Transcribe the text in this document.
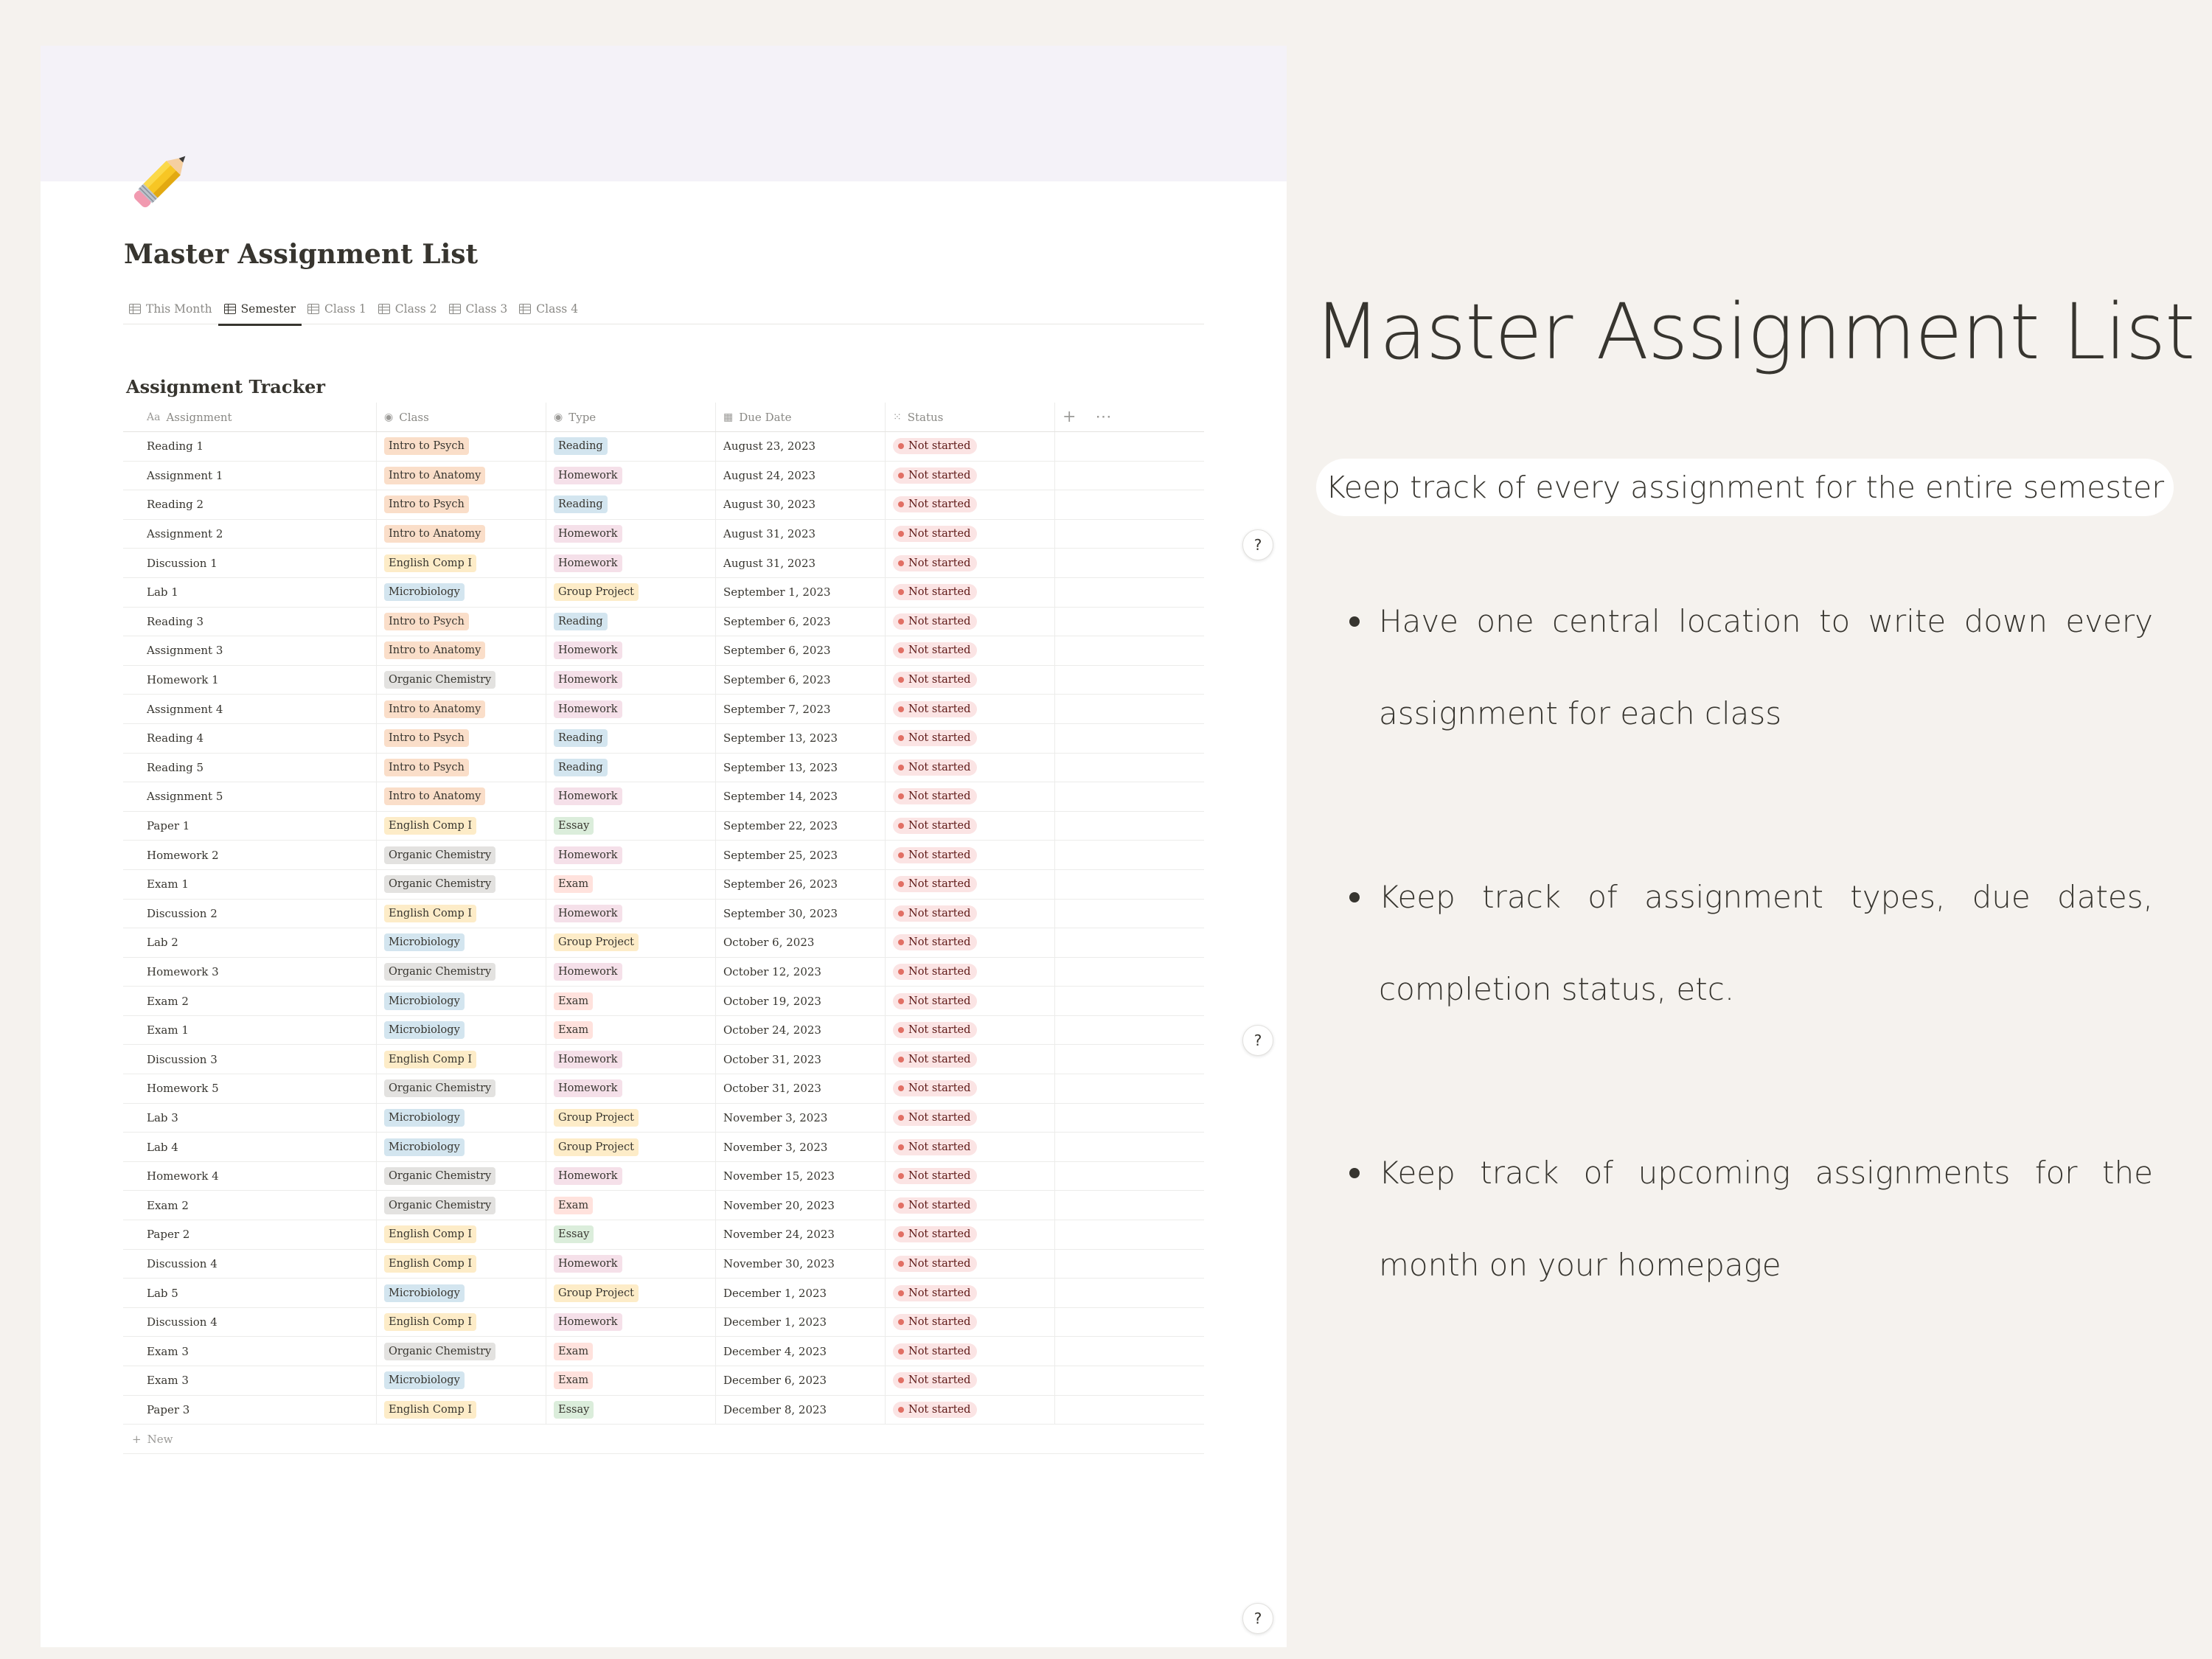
Master Assignment List
This Month	Semester	Class 1	Class 2	Class 3	Class 4
Assignment Tracker
Aa Assignment	◉ Class	◉ Type	▦ Due Date	⁙ Status	+ ⋯
Reading 1	Intro to Psych	Reading	August 23, 2023	Not started
Assignment 1	Intro to Anatomy	Homework	August 24, 2023	Not started
Reading 2	Intro to Psych	Reading	August 30, 2023	Not started
Assignment 2	Intro to Anatomy	Homework	August 31, 2023	Not started
Discussion 1	English Comp I	Homework	August 31, 2023	Not started
Lab 1	Microbiology	Group Project	September 1, 2023	Not started
Reading 3	Intro to Psych	Reading	September 6, 2023	Not started
Assignment 3	Intro to Anatomy	Homework	September 6, 2023	Not started
Homework 1	Organic Chemistry	Homework	September 6, 2023	Not started
Assignment 4	Intro to Anatomy	Homework	September 7, 2023	Not started
Reading 4	Intro to Psych	Reading	September 13, 2023	Not started
Reading 5	Intro to Psych	Reading	September 13, 2023	Not started
Assignment 5	Intro to Anatomy	Homework	September 14, 2023	Not started
Paper 1	English Comp I	Essay	September 22, 2023	Not started
Homework 2	Organic Chemistry	Homework	September 25, 2023	Not started
Exam 1	Organic Chemistry	Exam	September 26, 2023	Not started
Discussion 2	English Comp I	Homework	September 30, 2023	Not started
Lab 2	Microbiology	Group Project	October 6, 2023	Not started
Homework 3	Organic Chemistry	Homework	October 12, 2023	Not started
Exam 2	Microbiology	Exam	October 19, 2023	Not started
Exam 1	Microbiology	Exam	October 24, 2023	Not started
Discussion 3	English Comp I	Homework	October 31, 2023	Not started
Homework 5	Organic Chemistry	Homework	October 31, 2023	Not started
Lab 3	Microbiology	Group Project	November 3, 2023	Not started
Lab 4	Microbiology	Group Project	November 3, 2023	Not started
Homework 4	Organic Chemistry	Homework	November 15, 2023	Not started
Exam 2	Organic Chemistry	Exam	November 20, 2023	Not started
Paper 2	English Comp I	Essay	November 24, 2023	Not started
Discussion 4	English Comp I	Homework	November 30, 2023	Not started
Lab 5	Microbiology	Group Project	December 1, 2023	Not started
Discussion 4	English Comp I	Homework	December 1, 2023	Not started
Exam 3	Organic Chemistry	Exam	December 4, 2023	Not started
Exam 3	Microbiology	Exam	December 6, 2023	Not started
Paper 3	English Comp I	Essay	December 8, 2023	Not started
+ New
?
?
?
Master Assignment List
Keep track of every assignment for the entire semester
Have one central location to write down every assignment for each class
Keep track of assignment types, due dates, completion status, etc.
Keep track of upcoming assignments for the month on your homepage
